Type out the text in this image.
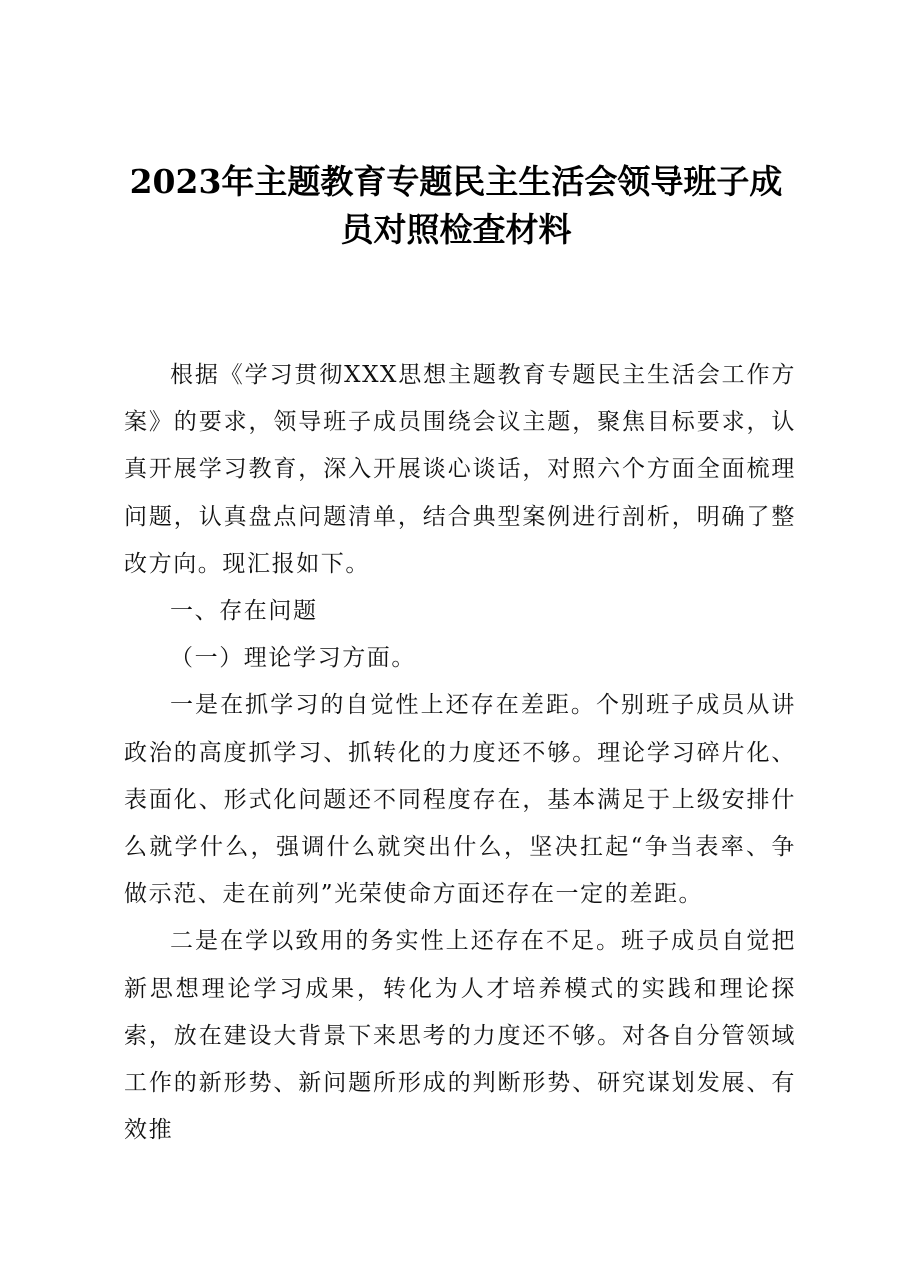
2023年主题教育专题民主生活会领导班子成
员对照检查材料

根据《学习贯彻XXX思想主题教育专题民主生活会工作方案》的要求，领导班子成员围绕会议主题，聚焦目标要求，认真开展学习教育，深入开展谈心谈话，对照六个方面全面梳理问题，认真盘点问题清单，结合典型案例进行剖析，明确了整改方向。现汇报如下。

一、存在问题

（一）理论学习方面。

一是在抓学习的自觉性上还存在差距。个别班子成员从讲政治的高度抓学习、抓转化的力度还不够。理论学习碎片化、表面化、形式化问题还不同程度存在，基本满足于上级安排什么就学什么，强调什么就突出什么，坚决扛起“争当表率、争做示范、走在前列”光荣使命方面还存在一定的差距。

二是在学以致用的务实性上还存在不足。班子成员自觉把新思想理论学习成果，转化为人才培养模式的实践和理论探索，放在建设大背景下来思考的力度还不够。对各自分管领域工作的新形势、新问题所形成的判断形势、研究谋划发展、有效推
